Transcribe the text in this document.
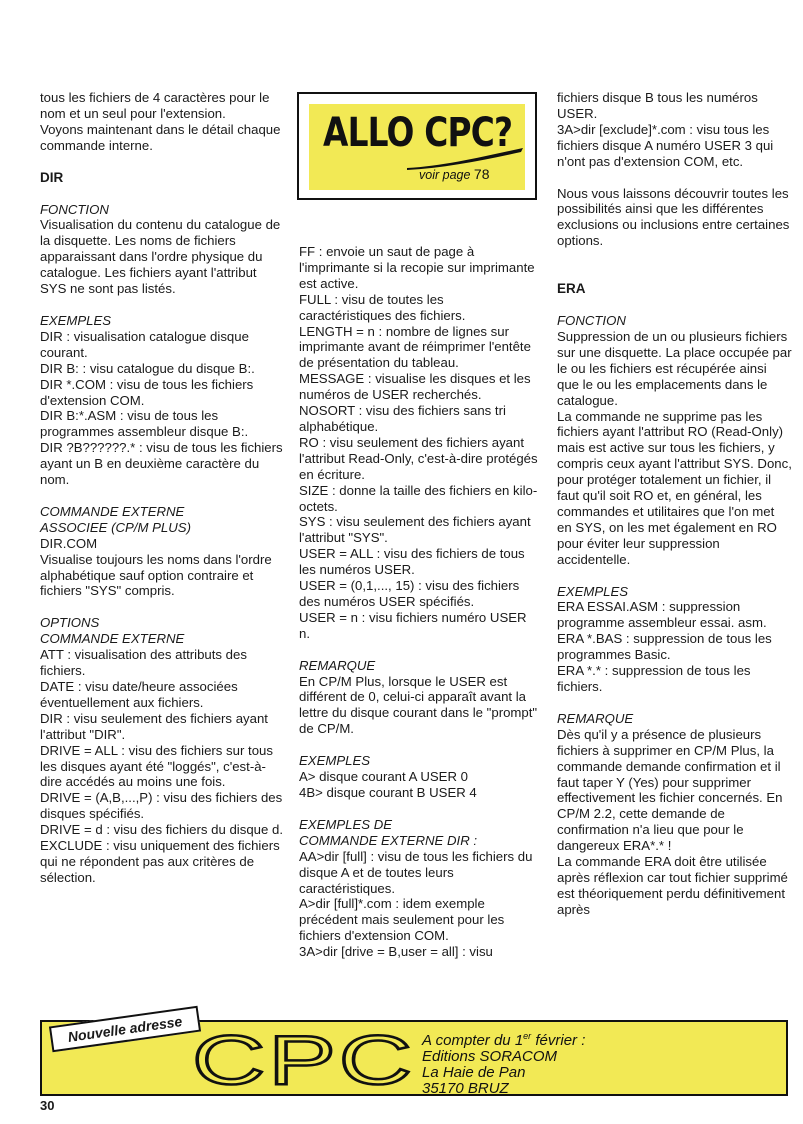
tous les fichiers de 4 caractères pour le nom et un seul pour l'extension.

Voyons maintenant dans le détail chaque commande interne.

DIR

FONCTION

Visualisation du contenu du catalogue de la disquette. Les noms de fichiers apparaissant dans l'ordre physique du catalogue. Les fichiers ayant l'attribut SYS ne sont pas listés.

EXEMPLES

DIR : visualisation catalogue disque courant.

DIR B: : visu catalogue du disque B:.

DIR *.COM : visu de tous les fichiers d'extension COM.

DIR B:*.ASM : visu de tous les programmes assembleur disque B:.

DIR ?B??????.* : visu de tous les fichiers ayant un B en deuxième caractère du nom.

COMMANDE EXTERNE

ASSOCIEE (CP/M PLUS)

DIR.COM

Visualise toujours les noms dans l'ordre alphabétique sauf option contraire et fichiers "SYS" compris.

OPTIONS

COMMANDE EXTERNE

ATT : visualisation des attributs des fichiers.

DATE : visu date/heure associées éventuellement aux fichiers.

DIR : visu seulement des fichiers ayant l'attribut "DIR".

DRIVE = ALL : visu des fichiers sur tous les disques ayant été "loggés", c'est-à-dire accédés au moins une fois.

DRIVE = (A,B,...,P) : visu des fichiers des disques spécifiés.

DRIVE = d : visu des fichiers du disque d.

EXCLUDE : visu uniquement des fichiers qui ne répondent pas aux critères de sélection.

ALLO CPC?
voir page 78

FF : envoie un saut de page à l'imprimante si la recopie sur imprimante est active.

FULL : visu de toutes les caractéristiques des fichiers.

LENGTH = n : nombre de lignes sur imprimante avant de réimprimer l'entête de présentation du tableau.

MESSAGE : visualise les disques et les numéros de USER recherchés.

NOSORT : visu des fichiers sans tri alphabétique.

RO : visu seulement des fichiers ayant l'attribut Read-Only, c'est-à-dire protégés en écriture.

SIZE : donne la taille des fichiers en kilo-octets.

SYS : visu seulement des fichiers ayant l'attribut "SYS".

USER = ALL : visu des fichiers de tous les numéros USER.

USER = (0,1,..., 15) : visu des fichiers des numéros USER spécifiés.

USER = n : visu fichiers numéro USER n.

REMARQUE

En CP/M Plus, lorsque le USER est différent de 0, celui-ci apparaît avant la lettre du disque courant dans le "prompt" de CP/M.

EXEMPLES

A> disque courant A USER 0

4B> disque courant B USER 4

EXEMPLES DE

COMMANDE EXTERNE DIR :

AA>dir [full] : visu de tous les fichiers du disque A et de toutes leurs caractéristiques.

A>dir [full]*.com : idem exemple précédent mais seulement pour les fichiers d'extension COM.

3A>dir [drive = B,user = all] : visu

fichiers disque B tous les numéros USER.

3A>dir [exclude]*.com : visu tous les fichiers disque A numéro USER 3 qui n'ont pas d'extension COM, etc.

Nous vous laissons découvrir toutes les possibilités ainsi que les différentes exclusions ou inclusions entre certaines options.

ERA

FONCTION

Suppression de un ou plusieurs fichiers sur une disquette. La place occupée par le ou les fichiers est récupérée ainsi que le ou les emplacements dans le catalogue.

La commande ne supprime pas les fichiers ayant l'attribut RO (Read-Only) mais est active sur tous les fichiers, y compris ceux ayant l'attribut SYS. Donc, pour protéger totalement un fichier, il faut qu'il soit RO et, en général, les commandes et utilitaires que l'on met en SYS, on les met également en RO pour éviter leur suppression accidentelle.

EXEMPLES

ERA ESSAI.ASM : suppression programme assembleur essai. asm.

ERA *.BAS : suppression de tous les programmes Basic.

ERA *.* : suppression de tous les fichiers.

REMARQUE

Dès qu'il y a présence de plusieurs fichiers à supprimer en CP/M Plus, la commande demande confirmation et il faut taper Y (Yes) pour supprimer effectivement les fichier concernés. En CP/M 2.2, cette demande de confirmation n'a lieu que pour le dangereux ERA*.* !

La commande ERA doit être utilisée après réflexion car tout fichier supprimé est théoriquement perdu définitivement après

Nouvelle adresse CPC A compter du 1er février :
Editions SORACOM
La Haie de Pan
35170 BRUZ
30
